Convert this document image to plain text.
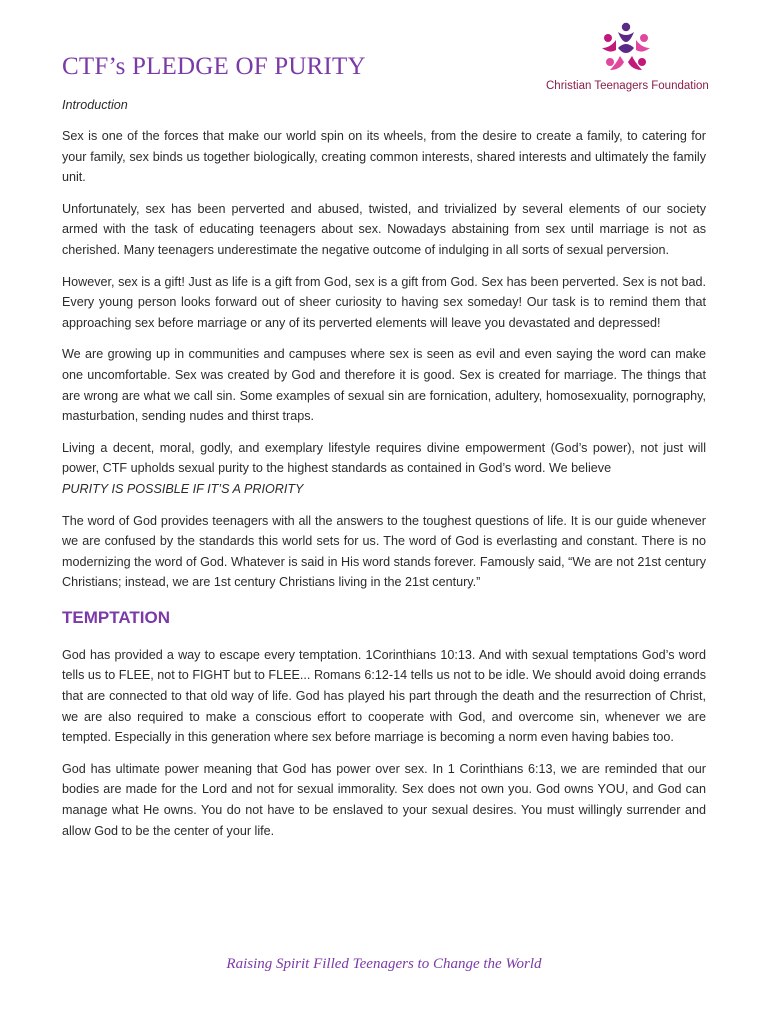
CTF’s PLEDGE OF PURITY
Christian Teenagers Foundation

Introduction

Sex is one of the forces that make our world spin on its wheels, from the desire to create a family, to catering for your family, sex binds us together biologically, creating common interests, shared interests and ultimately the family unit.

Unfortunately, sex has been perverted and abused, twisted, and trivialized by several elements of our society armed with the task of educating teenagers about sex. Nowadays abstaining from sex until marriage is not as cherished. Many teenagers underestimate the negative outcome of indulging in all sorts of sexual perversion.

However, sex is a gift! Just as life is a gift from God, sex is a gift from God. Sex has been perverted. Sex is not bad. Every young person looks forward out of sheer curiosity to having sex someday! Our task is to remind them that approaching sex before marriage or any of its perverted elements will leave you devastated and depressed!

We are growing up in communities and campuses where sex is seen as evil and even saying the word can make one uncomfortable. Sex was created by God and therefore it is good. Sex is created for marriage. The things that are wrong are what we call sin. Some examples of sexual sin are fornication, adultery, homosexuality, pornography, masturbation, sending nudes and thirst traps.

Living a decent, moral, godly, and exemplary lifestyle requires divine empowerment (God’s power), not just will power, CTF upholds sexual purity to the highest standards as contained in God’s word. We believe
PURITY IS POSSIBLE IF IT’S A PRIORITY

The word of God provides teenagers with all the answers to the toughest questions of life. It is our guide whenever we are confused by the standards this world sets for us. The word of God is everlasting and constant. There is no modernizing the word of God. Whatever is said in His word stands forever. Famously said, “We are not 21st century Christians; instead, we are 1st century Christians living in the 21st century.”

TEMPTATION

God has provided a way to escape every temptation. 1Corinthians 10:13. And with sexual temptations God’s word tells us to FLEE, not to FIGHT but to FLEE... Romans 6:12-14 tells us not to be idle. We should avoid doing errands that are connected to that old way of life. God has played his part through the death and the resurrection of Christ, we are also required to make a conscious effort to cooperate with God, and overcome sin, whenever we are tempted. Especially in this generation where sex before marriage is becoming a norm even having babies too.

God has ultimate power meaning that God has power over sex. In 1 Corinthians 6:13, we are reminded that our bodies are made for the Lord and not for sexual immorality. Sex does not own you. God owns YOU, and God can manage what He owns. You do not have to be enslaved to your sexual desires. You must willingly surrender and allow God to be the center of your life.

Raising Spirit Filled Teenagers to Change the World
